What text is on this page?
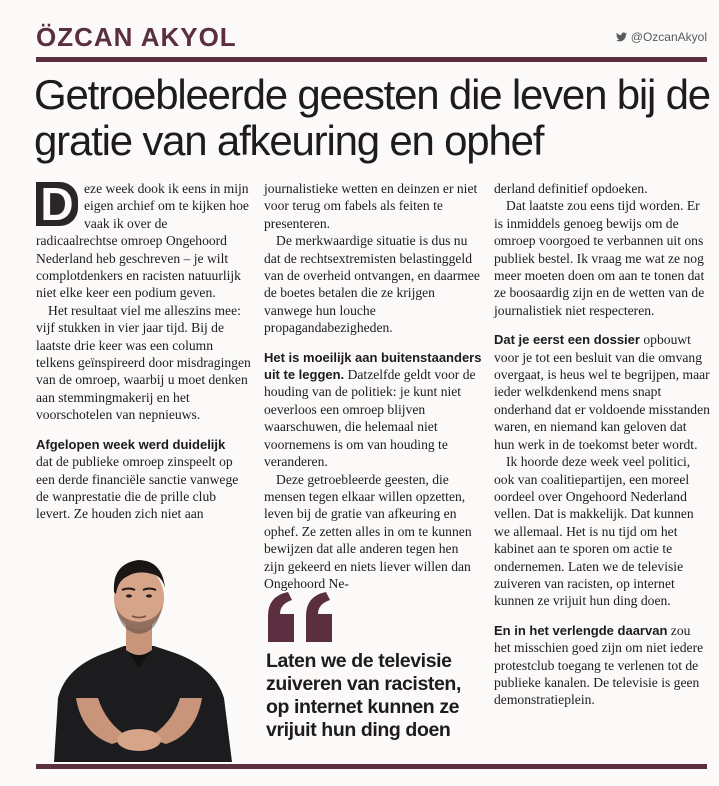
ÖZCAN AKYOL	@OzcanAkyol
Getroebleerde geesten die leven bij de gratie van afkeuring en ophef

D eze week dook ik eens in mijn eigen archief om te kijken hoe vaak ik over de radicaalrechtse omroep Ongehoord Nederland heb geschreven – je wilt complotdenkers en racisten natuurlijk niet elke keer een podium geven.

Het resultaat viel me alleszins mee: vijf stukken in vier jaar tijd. Bij de laatste drie keer was een column telkens geïnspireerd door misdragingen van de omroep, waarbij u moet denken aan stemmingmakerij en het voorschotelen van nepnieuws.

Afgelopen week werd duidelijk
dat de publieke omroep zinspeelt op een derde financiële sanctie vanwege de wanprestatie die de prille club levert. Ze houden zich niet aan

journalistieke wetten en deinzen er niet voor terug om fabels als feiten te presenteren.

De merkwaardige situatie is dus nu dat de rechtsextremisten belastinggeld van de overheid ontvangen, en daarmee de boetes betalen die ze krijgen vanwege hun louche propagandabezigheden.

Het is moeilijk aan buitenstaanders uit te leggen. Datzelfde geldt voor de houding van de politiek: je kunt niet oeverloos een omroep blijven waarschuwen, die helemaal niet voornemens is om van houding te veranderen.

Deze getroebleerde geesten, die mensen tegen elkaar willen opzetten, leven bij de gratie van afkeuring en ophef. Ze zetten alles in om te kunnen bewijzen dat alle anderen tegen hen zijn gekeerd en niets liever willen dan Ongehoord Ne-

Laten we de televisie zuiveren van racisten, op internet kunnen ze vrijuit hun ding doen

derland definitief opdoeken.

Dat laatste zou eens tijd worden. Er is inmiddels genoeg bewijs om de omroep voorgoed te verbannen uit ons publiek bestel. Ik vraag me wat ze nog meer moeten doen om aan te tonen dat ze boosaardig zijn en de wetten van de journalistiek niet respecteren.

Dat je eerst een dossier opbouwt voor je tot een besluit van die omvang overgaat, is heus wel te begrijpen, maar ieder welkdenkend mens snapt onderhand dat er voldoende misstanden waren, en niemand kan geloven dat hun werk in de toekomst beter wordt.

Ik hoorde deze week veel politici, ook van coalitiepartijen, een moreel oordeel over Ongehoord Nederland vellen. Dat is makkelijk. Dat kunnen we allemaal. Het is nu tijd om het kabinet aan te sporen om actie te ondernemen. Laten we de televisie zuiveren van racisten, op internet kunnen ze vrijuit hun ding doen.

En in het verlengde daarvan zou het misschien goed zijn om niet iedere protestclub toegang te verlenen tot de publieke kanalen. De televisie is geen demonstratieplein.
